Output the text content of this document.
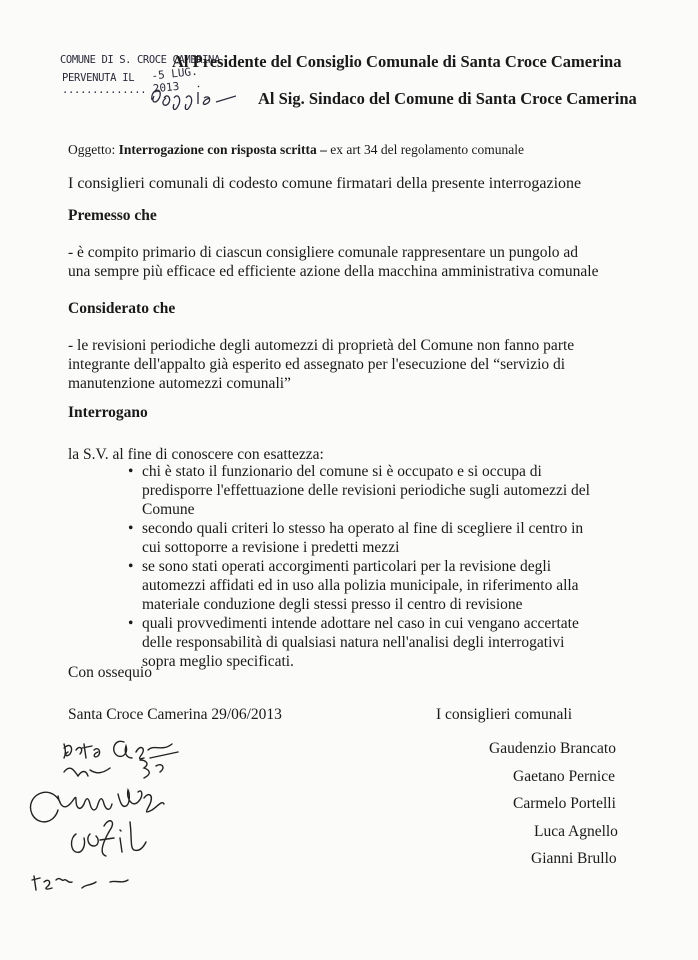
COMUNE DI S. CROCE CAMERINA
-5 LUG. 2013
PERVENUTA IL ..............
Al Presidente del Consiglio Comunale di Santa Croce Camerina
Al Sig. Sindaco del Comune di Santa Croce Camerina
Oggetto: Interrogazione con risposta scritta – ex art 34 del regolamento comunale
I consiglieri comunali di codesto comune firmatari della presente interrogazione
Premesso che
- è compito primario di ciascun consigliere comunale rappresentare un pungolo ad
una sempre più efficace ed efficiente azione della macchina amministrativa comunale
Considerato che
- le revisioni periodiche degli automezzi di proprietà del Comune non fanno parte
integrante dell'appalto già esperito ed assegnato per l'esecuzione del “servizio di
manutenzione automezzi comunali”
Interrogano
la S.V. al fine di conoscere con esattezza:
• chi è stato il funzionario del comune si è occupato e si occupa di
predisporre l'effettuazione delle revisioni periodiche sugli automezzi del
Comune
• secondo quali criteri lo stesso ha operato al fine di scegliere il centro in
cui sottoporre a revisione i predetti mezzi
• se sono stati operati accorgimenti particolari per la revisione degli
automezzi affidati ed in uso alla polizia municipale, in riferimento alla
materiale conduzione degli stessi presso il centro di revisione
• quali provvedimenti intende adottare nel caso in cui vengano accertate
delle responsabilità di qualsiasi natura nell'analisi degli interrogativi
sopra meglio specificati.
Con ossequio
Santa Croce Camerina 29/06/2013	I consiglieri comunali
Gaudenzio Brancato
Gaetano Pernice
Carmelo Portelli
Luca Agnello
Gianni Brullo
